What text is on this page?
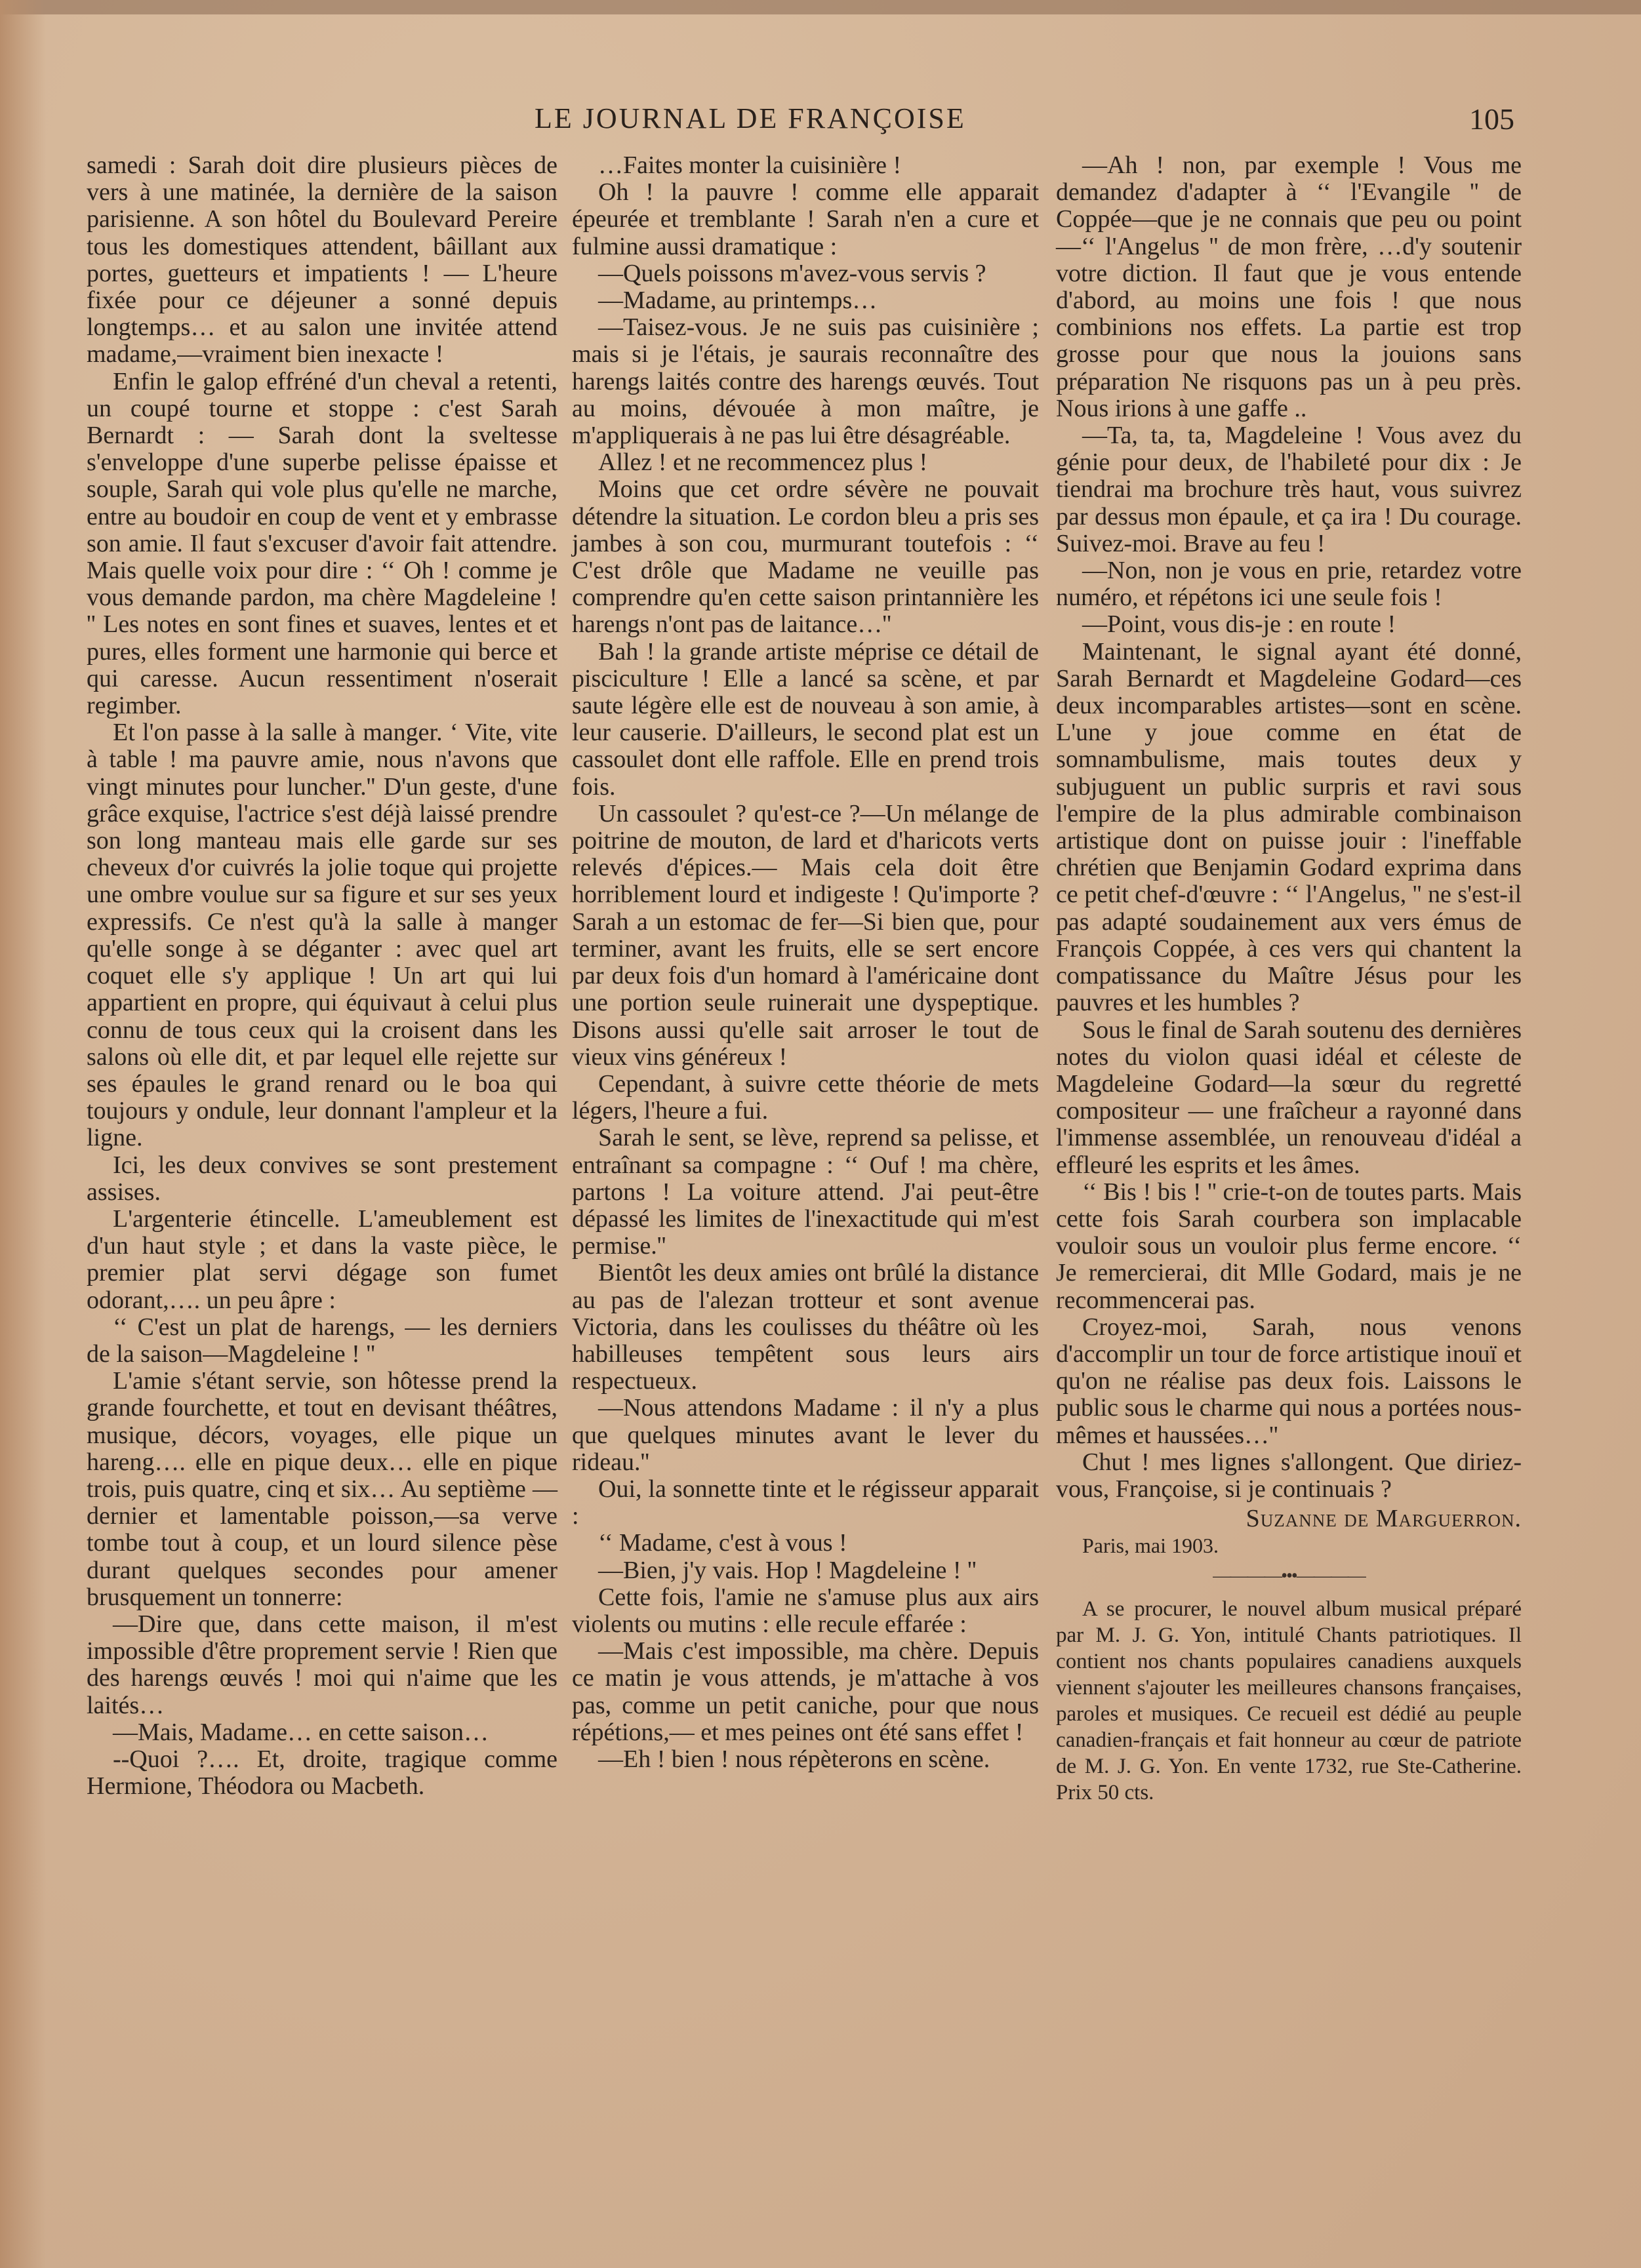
LE JOURNAL DE FRANÇOISE	105

samedi : Sarah doit dire plusieurs pièces de vers à une matinée, la dernière de la saison parisienne. A son hôtel du Boulevard Pereire tous les domestiques attendent, bâillant aux portes, guetteurs et impatients ! — L'heure fixée pour ce déjeuner a sonné depuis longtemps… et au salon une invitée attend madame,—vraiment bien inexacte !

Enfin le galop effréné d'un cheval a retenti, un coupé tourne et stoppe : c'est Sarah Bernardt : — Sarah dont la sveltesse s'enveloppe d'une superbe pelisse épaisse et souple, Sarah qui vole plus qu'elle ne marche, entre au boudoir en coup de vent et y embrasse son amie. Il faut s'excuser d'avoir fait attendre. Mais quelle voix pour dire : ‘‘ Oh ! comme je vous demande pardon, ma chère Magdeleine ! '' Les notes en sont fines et suaves, lentes et et pures, elles forment une harmonie qui berce et qui caresse. Aucun ressentiment n'oserait regimber.

Et l'on passe à la salle à manger. ‘ Vite, vite à table ! ma pauvre amie, nous n'avons que vingt minutes pour luncher.'' D'un geste, d'une grâce exquise, l'actrice s'est déjà laissé prendre son long manteau mais elle garde sur ses cheveux d'or cuivrés la jolie toque qui projette une ombre voulue sur sa figure et sur ses yeux expressifs. Ce n'est qu'à la salle à manger qu'elle songe à se déganter : avec quel art coquet elle s'y applique ! Un art qui lui appartient en propre, qui équivaut à celui plus connu de tous ceux qui la croisent dans les salons où elle dit, et par lequel elle rejette sur ses épaules le grand renard ou le boa qui toujours y ondule, leur donnant l'ampleur et la ligne.

Ici, les deux convives se sont prestement assises.

L'argenterie étincelle. L'ameublement est d'un haut style ; et dans la vaste pièce, le premier plat servi dégage son fumet odorant,…. un peu âpre :

‘‘ C'est un plat de harengs, — les derniers de la saison—Magdeleine ! ''

L'amie s'étant servie, son hôtesse prend la grande fourchette, et tout en devisant théâtres, musique, décors, voyages, elle pique un hareng…. elle en pique deux… elle en pique trois, puis quatre, cinq et six… Au septième —dernier et lamentable poisson,—sa verve tombe tout à coup, et un lourd silence pèse durant quelques secondes pour amener brusquement un tonnerre:

—Dire que, dans cette maison, il m'est impossible d'être proprement servie ! Rien que des harengs œuvés ! moi qui n'aime que les laités…

—Mais, Madame… en cette saison…

--Quoi ?…. Et, droite, tragique comme Hermione, Théodora ou Macbeth.

…Faites monter la cuisinière !

Oh ! la pauvre ! comme elle apparait épeurée et tremblante ! Sarah n'en a cure et fulmine aussi dramatique :

—Quels poissons m'avez-vous servis ?

—Madame, au printemps…

—Taisez-vous. Je ne suis pas cuisinière ; mais si je l'étais, je saurais reconnaître des harengs laités contre des harengs œuvés. Tout au moins, dévouée à mon maître, je m'appliquerais à ne pas lui être désagréable.

Allez ! et ne recommencez plus !

Moins que cet ordre sévère ne pouvait détendre la situation. Le cordon bleu a pris ses jambes à son cou, murmurant toutefois : ‘‘ C'est drôle que Madame ne veuille pas comprendre qu'en cette saison printannière les harengs n'ont pas de laitance…''

Bah ! la grande artiste méprise ce détail de pisciculture ! Elle a lancé sa scène, et par saute légère elle est de nouveau à son amie, à leur causerie. D'ailleurs, le second plat est un cassoulet dont elle raffole. Elle en prend trois fois.

Un cassoulet ? qu'est-ce ?—Un mélange de poitrine de mouton, de lard et d'haricots verts relevés d'épices.— Mais cela doit être horriblement lourd et indigeste ! Qu'importe ? Sarah a un estomac de fer—Si bien que, pour terminer, avant les fruits, elle se sert encore par deux fois d'un homard à l'américaine dont une portion seule ruinerait une dyspeptique. Disons aussi qu'elle sait arroser le tout de vieux vins généreux !

Cependant, à suivre cette théorie de mets légers, l'heure a fui.

Sarah le sent, se lève, reprend sa pelisse, et entraînant sa compagne : ‘‘ Ouf ! ma chère, partons ! La voiture attend. J'ai peut-être dépassé les limites de l'inexactitude qui m'est permise.''

Bientôt les deux amies ont brûlé la distance au pas de l'alezan trotteur et sont avenue Victoria, dans les coulisses du théâtre où les habilleuses tempêtent sous leurs airs respectueux.

—Nous attendons Madame : il n'y a plus que quelques minutes avant le lever du rideau.''

Oui, la sonnette tinte et le régisseur apparait :

‘‘ Madame, c'est à vous !

—Bien, j'y vais. Hop ! Magdeleine ! ''

Cette fois, l'amie ne s'amuse plus aux airs violents ou mutins : elle recule effarée :

—Mais c'est impossible, ma chère. Depuis ce matin je vous attends, je m'attache à vos pas, comme un petit caniche, pour que nous répétions,— et mes peines ont été sans effet !

—Eh ! bien ! nous répèterons en scène.

—Ah ! non, par exemple ! Vous me demandez d'adapter à ‘‘ l'Evangile '' de Coppée—que je ne connais que peu ou point—‘‘ l'Angelus '' de mon frère, …d'y soutenir votre diction. Il faut que je vous entende d'abord, au moins une fois ! que nous combinions nos effets. La partie est trop grosse pour que nous la jouions sans préparation Ne risquons pas un à peu près. Nous irions à une gaffe ..

—Ta, ta, ta, Magdeleine ! Vous avez du génie pour deux, de l'habileté pour dix : Je tiendrai ma brochure très haut, vous suivrez par dessus mon épaule, et ça ira ! Du courage. Suivez-moi. Brave au feu !

—Non, non je vous en prie, retardez votre numéro, et répétons ici une seule fois !

—Point, vous dis-je : en route !

Maintenant, le signal ayant été donné, Sarah Bernardt et Magdeleine Godard—ces deux incomparables artistes—sont en scène. L'une y joue comme en état de somnambulisme, mais toutes deux y subjuguent un public surpris et ravi sous l'empire de la plus admirable combinaison artistique dont on puisse jouir : l'ineffable chrétien que Benjamin Godard exprima dans ce petit chef-d'œuvre : ‘‘ l'Angelus, '' ne s'est-il pas adapté soudainement aux vers émus de François Coppée, à ces vers qui chantent la compatissance du Maître Jésus pour les pauvres et les humbles ?

Sous le final de Sarah soutenu des dernières notes du violon quasi idéal et céleste de Magdeleine Godard—la sœur du regretté compositeur — une fraîcheur a rayonné dans l'immense assemblée, un renouveau d'idéal a effleuré les esprits et les âmes.

‘‘ Bis ! bis ! '' crie-t-on de toutes parts. Mais cette fois Sarah courbera son implacable vouloir sous un vouloir plus ferme encore. ‘‘ Je remercierai, dit Mlle Godard, mais je ne recommencerai pas.

Croyez-moi, Sarah, nous venons d'accomplir un tour de force artistique inouï et qu'on ne réalise pas deux fois. Laissons le public sous le charme qui nous a portées nous-mêmes et haussées…''

Chut ! mes lignes s'allongent. Que diriez-vous, Françoise, si je continuais ?

Suzanne de Marguerron.

Paris, mai 1903.

————•••————

A se procurer, le nouvel album musical préparé par M. J. G. Yon, intitulé Chants patriotiques. Il contient nos chants populaires canadiens auxquels viennent s'ajouter les meilleures chansons françaises, paroles et musiques. Ce recueil est dédié au peuple canadien-français et fait honneur au cœur de patriote de M. J. G. Yon. En vente 1732, rue Ste-Catherine. Prix 50 cts.
